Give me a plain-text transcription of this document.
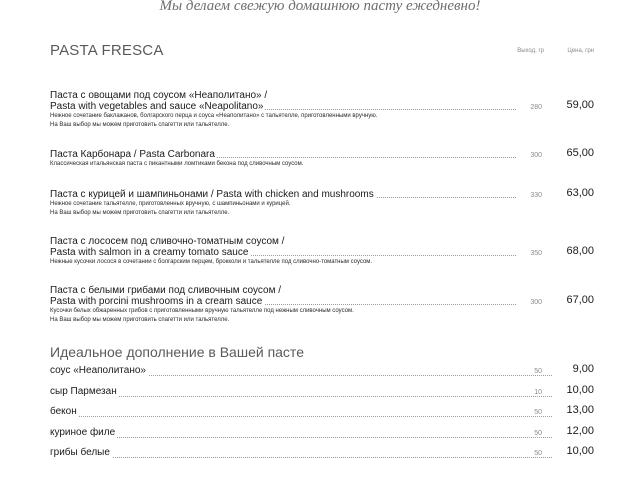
Мы делаем свежую домашнюю пасту ежедневно!
PASTA FRESCA	Выход, гр	Цена, грн
Паста с овощами под соусом «Неаполитано» /
Pasta with vegetables and sauce «Neapolitano»	280 59,00
Нежное сочетание баклажанов, болгарского перца и соуса «Неаполитано» с тальятелле, приготовленными вручную.
На Ваш выбор мы можем приготовить спагетти или тальятелле.
Паста Карбонара / Pasta Carbonara	300 65,00
Классическая итальянская паста с пикантными ломтиками бекона под сливочным соусом.
Паста с курицей и шампиньонами / Pasta with chicken and mushrooms	330 63,00
Нежное сочетание тальятелле, приготовленных вручную, с шампиньонами и курицей.
На Ваш выбор мы можем приготовить спагетти или тальятелле.
Паста с лососем под сливочно-томатным соусом /
Pasta with salmon in a creamy tomato sauce	350 68,00
Нежные кусочки лосося в сочетании с болгарским перцем, брокколи и тальятелле под сливочно-томатным соусом.
Паста с белыми грибами под сливочным соусом /
Pasta with porcini mushrooms in a cream sauce	300 67,00
Кусочки белых обжаренных грибов с приготовленными вручную тальятелле под нежным сливочным соусом.
На Ваш выбор мы можем приготовить спагетти или тальятелле.
Идеальное дополнение в Вашей пасте
соус «Неаполитано»	50	9,00
сыр Пармезан	10 10,00
бекон	50 13,00
куриное филе	50 12,00
грибы белые	50 10,00
